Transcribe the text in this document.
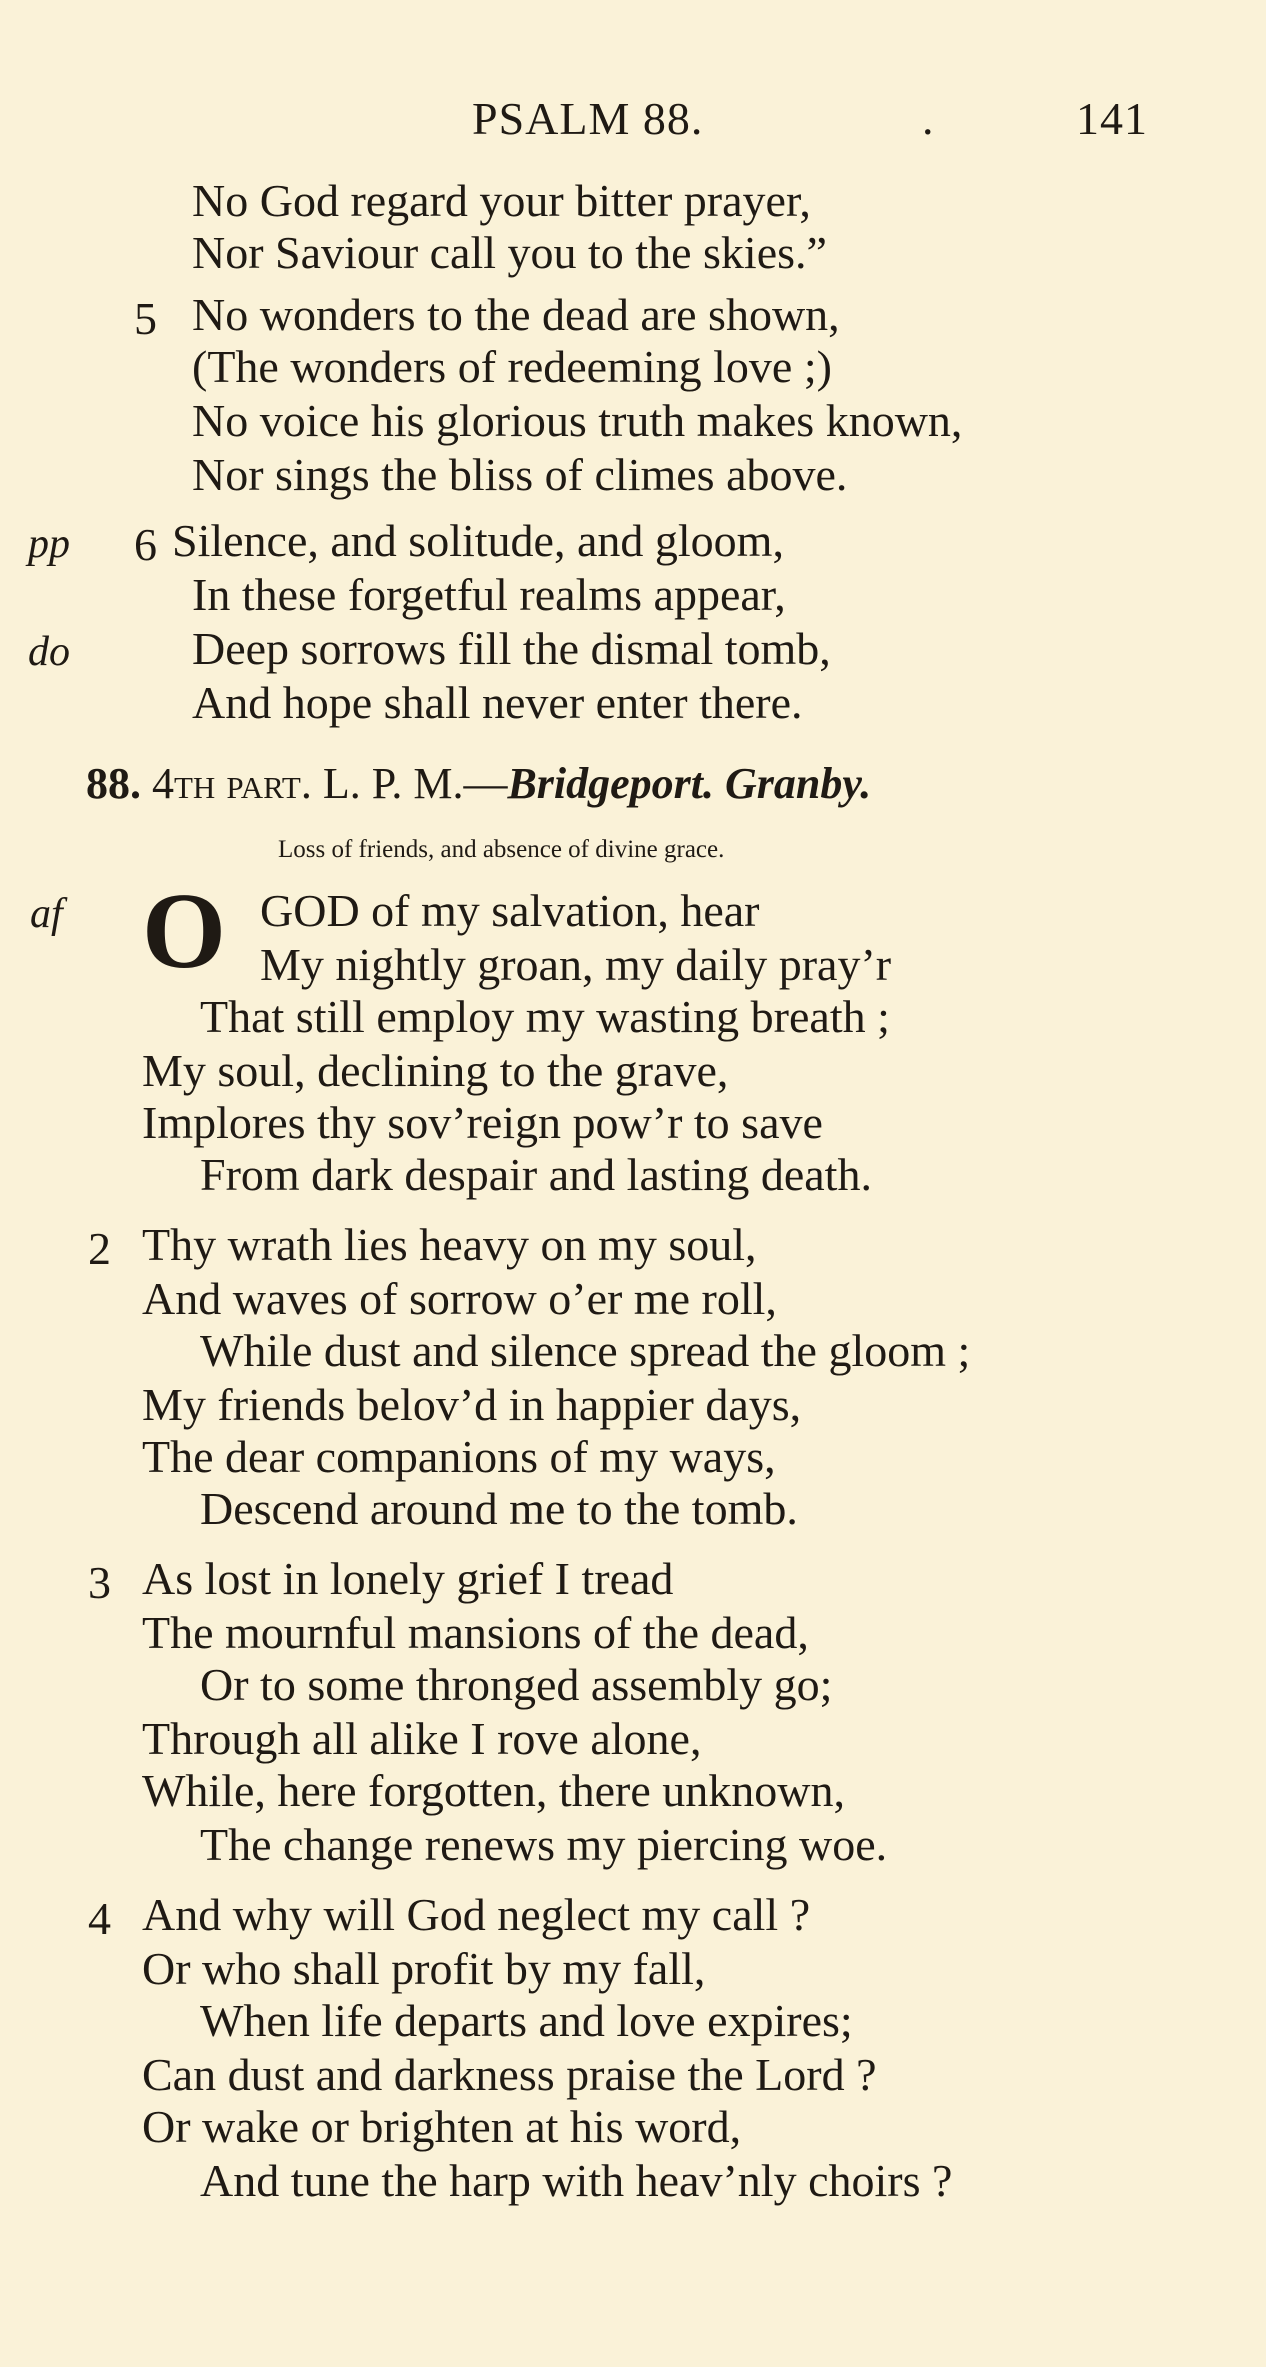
PSALM 88.	.	141
No God regard your bitter prayer,
Nor Saviour call you to the skies.”
5 No wonders to the dead are shown,
(The wonders of redeeming love ;)
No voice his glorious truth makes known,
Nor sings the bliss of climes above.
pp 6 Silence, and solitude, and gloom,
In these forgetful realms appear,
do	Deep sorrows fill the dismal tomb,
And hope shall never enter there.
88. 4th part. L. P. M.—Bridgeport. Granby.
Loss of friends, and absence of divine grace.
af O GOD of my salvation, hear
My nightly groan, my daily pray’r
That still employ my wasting breath ;
My soul, declining to the grave,
Implores thy sov’reign pow’r to save
From dark despair and lasting death.
2 Thy wrath lies heavy on my soul,
And waves of sorrow o’er me roll,
While dust and silence spread the gloom ;
My friends belov’d in happier days,
The dear companions of my ways,
Descend around me to the tomb.
3 As lost in lonely grief I tread
The mournful mansions of the dead,
Or to some thronged assembly go;
Through all alike I rove alone,
While, here forgotten, there unknown,
The change renews my piercing woe.
4 And why will God neglect my call ?
Or who shall profit by my fall,
When life departs and love expires;
Can dust and darkness praise the Lord ?
Or wake or brighten at his word,
And tune the harp with heav’nly choirs ?
